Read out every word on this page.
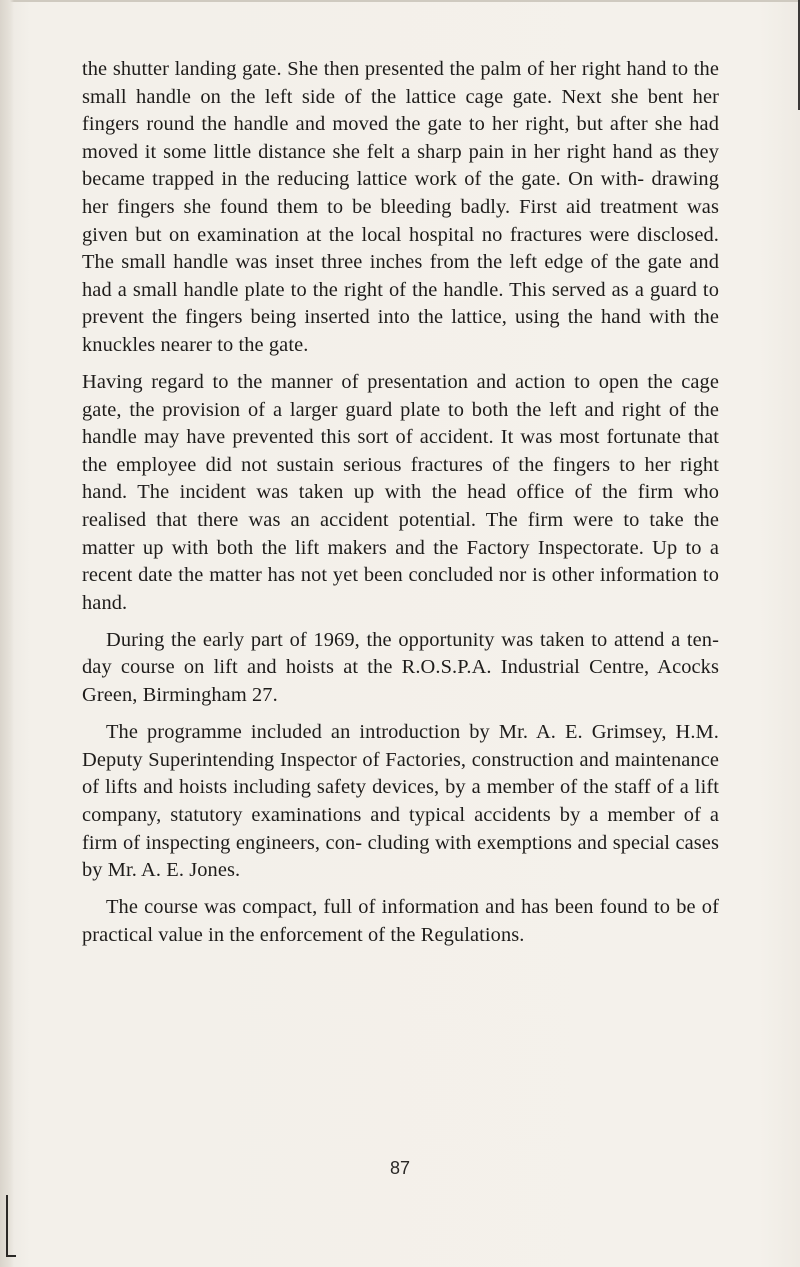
the shutter landing gate. She then presented the palm of her right hand to the small handle on the left side of the lattice cage gate. Next she bent her fingers round the handle and moved the gate to her right, but after she had moved it some little distance she felt a sharp pain in her right hand as they became trapped in the reducing lattice work of the gate. On with- drawing her fingers she found them to be bleeding badly. First aid treatment was given but on examination at the local hospital no fractures were disclosed. The small handle was inset three inches from the left edge of the gate and had a small handle plate to the right of the handle. This served as a guard to prevent the fingers being inserted into the lattice, using the hand with the knuckles nearer to the gate.

Having regard to the manner of presentation and action to open the cage gate, the provision of a larger guard plate to both the left and right of the handle may have prevented this sort of accident. It was most fortunate that the employee did not sustain serious fractures of the fingers to her right hand. The incident was taken up with the head office of the firm who realised that there was an accident potential. The firm were to take the matter up with both the lift makers and the Factory Inspectorate. Up to a recent date the matter has not yet been concluded nor is other information to hand.

During the early part of 1969, the opportunity was taken to attend a ten-day course on lift and hoists at the R.O.S.P.A. Industrial Centre, Acocks Green, Birmingham 27.

The programme included an introduction by Mr. A. E. Grimsey, H.M. Deputy Superintending Inspector of Factories, construction and maintenance of lifts and hoists including safety devices, by a member of the staff of a lift company, statutory examinations and typical accidents by a member of a firm of inspecting engineers, con- cluding with exemptions and special cases by Mr. A. E. Jones.

The course was compact, full of information and has been found to be of practical value in the enforcement of the Regulations.

87
